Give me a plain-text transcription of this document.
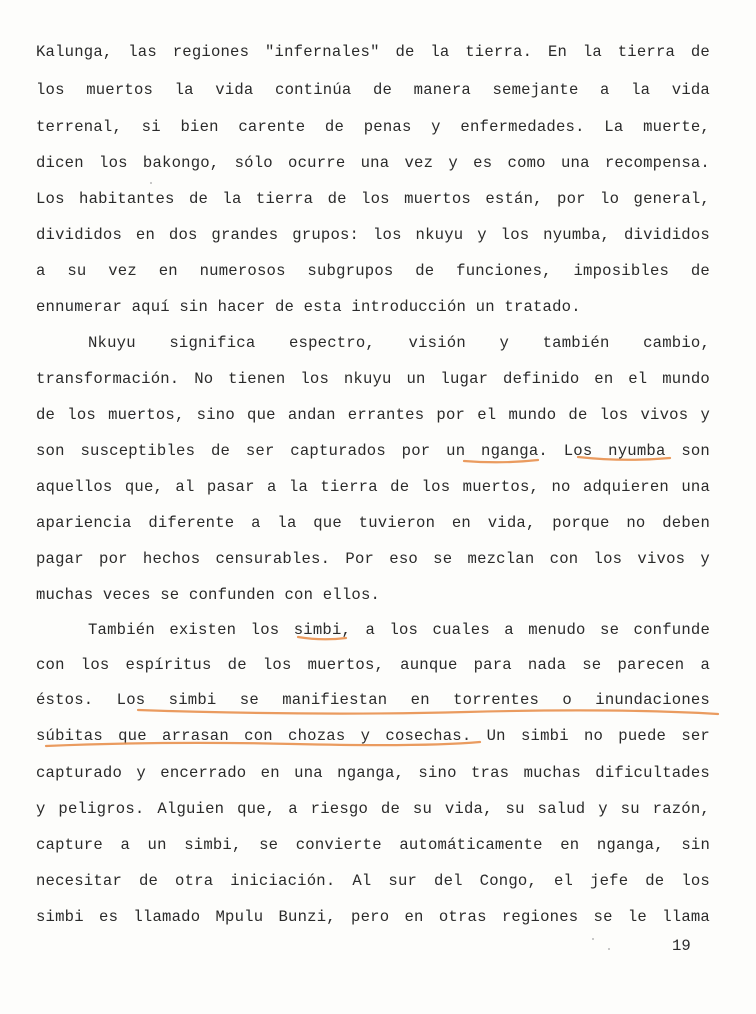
Kalunga, las regiones "infernales" de la tierra. En la tierra de
los muertos la vida continúa de manera semejante a la vida
terrenal, si bien carente de penas y enfermedades. La muerte,
dicen los bakongo, sólo ocurre una vez y es como una recompensa.
Los habitantes de la tierra de los muertos están, por lo general,
divididos en dos grandes grupos: los nkuyu y los nyumba, divididos
a su vez en numerosos subgrupos de funciones, imposibles de
ennumerar aquí sin hacer de esta introducción un tratado.
Nkuyu significa espectro, visión y también cambio,
transformación. No tienen los nkuyu un lugar definido en el mundo
de los muertos, sino que andan errantes por el mundo de los vivos y
son susceptibles de ser capturados por un nganga. Los nyumba son
aquellos que, al pasar a la tierra de los muertos, no adquieren una
apariencia diferente a la que tuvieron en vida, porque no deben
pagar por hechos censurables. Por eso se mezclan con los vivos y
muchas veces se confunden con ellos.
También existen los simbi, a los cuales a menudo se confunde
con los espíritus de los muertos, aunque para nada se parecen a
éstos. Los simbi se manifiestan en torrentes o inundaciones
súbitas que arrasan con chozas y cosechas. Un simbi no puede ser
capturado y encerrado en una nganga, sino tras muchas dificultades
y peligros. Alguien que, a riesgo de su vida, su salud y su razón,
capture a un simbi, se convierte automáticamente en nganga, sin
necesitar de otra iniciación. Al sur del Congo, el jefe de los
simbi es llamado Mpulu Bunzi, pero en otras regiones se le llama
19
